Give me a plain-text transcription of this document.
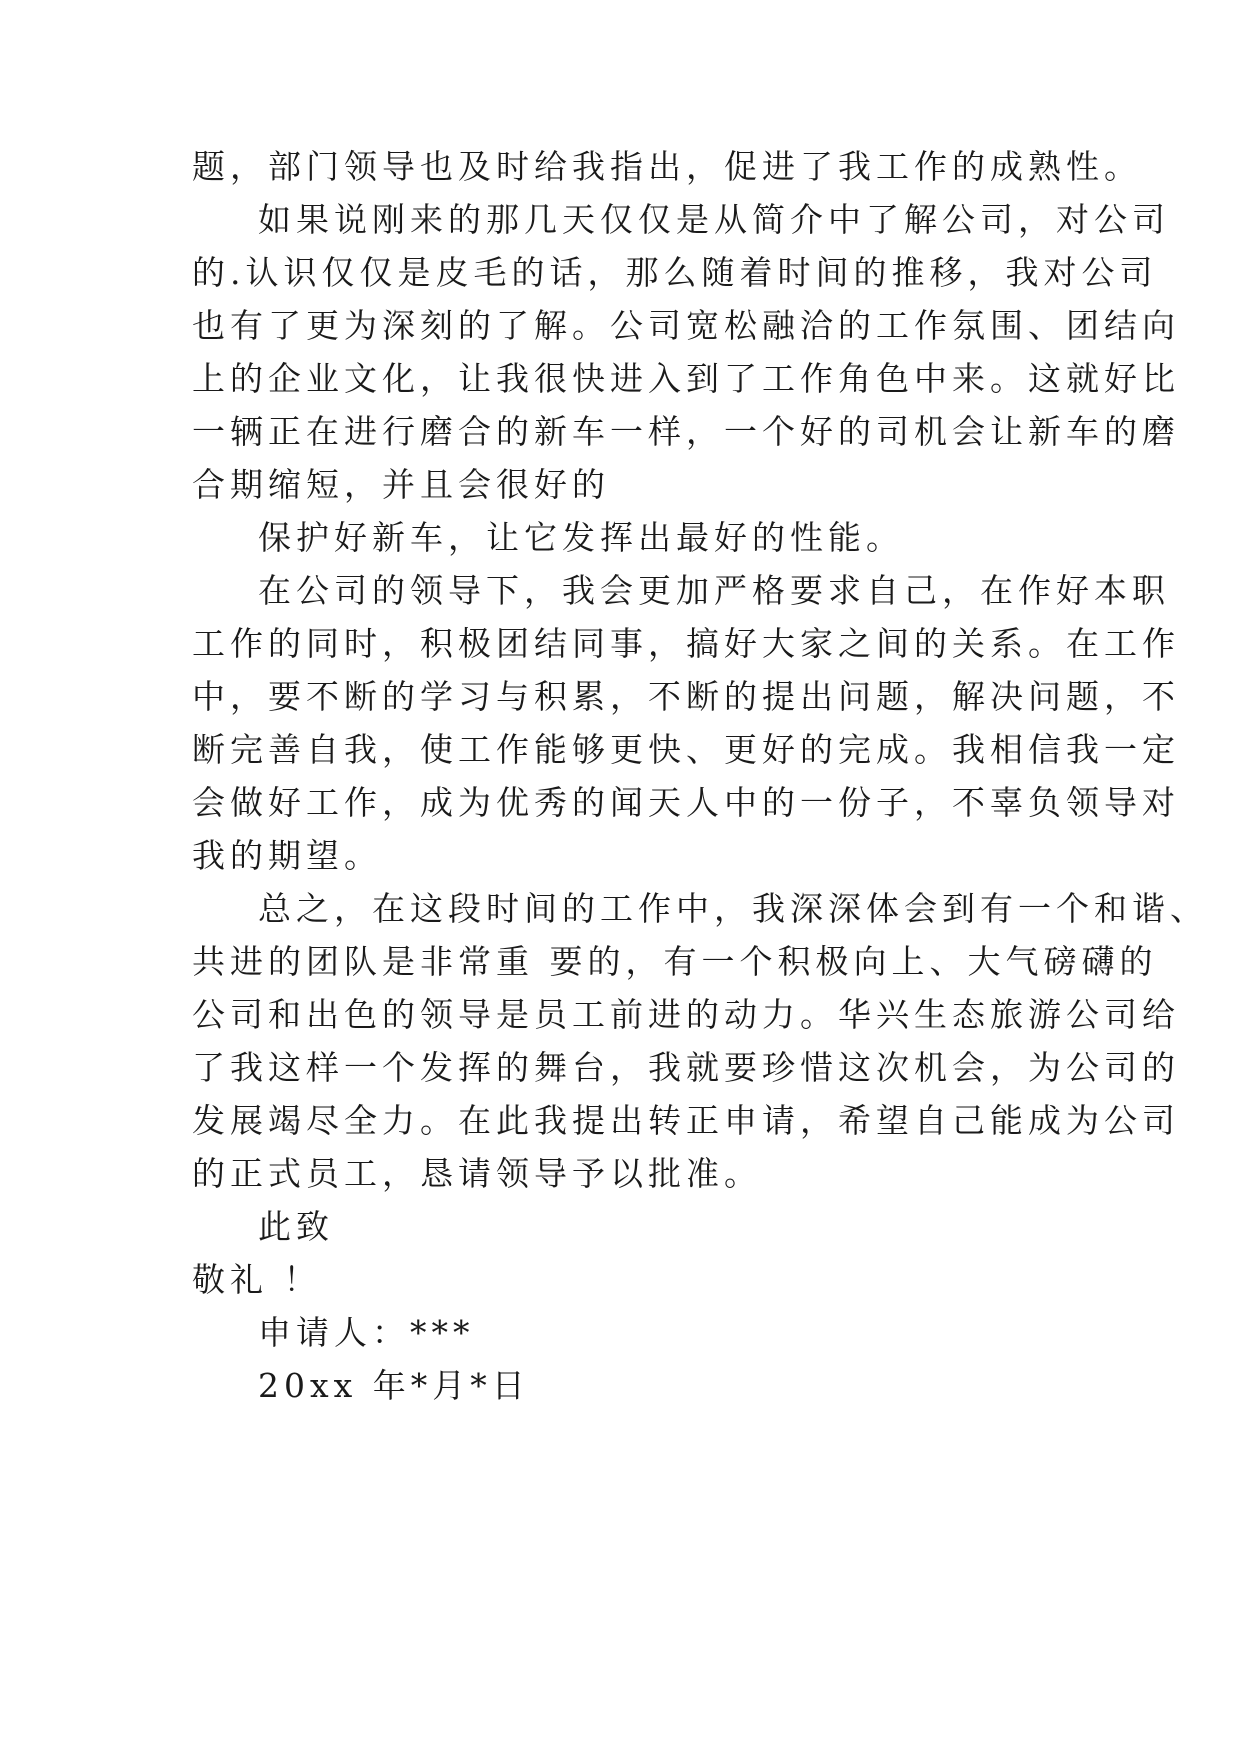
题，部门领导也及时给我指出，促进了我工作的成熟性。
如果说刚来的那几天仅仅是从简介中了解公司，对公司
的.认识仅仅是皮毛的话，那么随着时间的推移，我对公司
也有了更为深刻的了解。公司宽松融洽的工作氛围、团结向
上的企业文化，让我很快进入到了工作角色中来。这就好比
一辆正在进行磨合的新车一样，一个好的司机会让新车的磨
合期缩短，并且会很好的
保护好新车，让它发挥出最好的性能。
在公司的领导下，我会更加严格要求自己，在作好本职
工作的同时，积极团结同事，搞好大家之间的关系。在工作
中，要不断的学习与积累，不断的提出问题，解决问题，不
断完善自我，使工作能够更快、更好的完成。我相信我一定
会做好工作，成为优秀的闻天人中的一份子，不辜负领导对
我的期望。
总之，在这段时间的工作中，我深深体会到有一个和谐、
共进的团队是非常重 要的，有一个积极向上、大气磅礴的
公司和出色的领导是员工前进的动力。华兴生态旅游公司给
了我这样一个发挥的舞台，我就要珍惜这次机会，为公司的
发展竭尽全力。在此我提出转正申请，希望自己能成为公司
的正式员工，恳请领导予以批准。
此致
敬礼 ！
申请人：***
20xx 年*月*日
